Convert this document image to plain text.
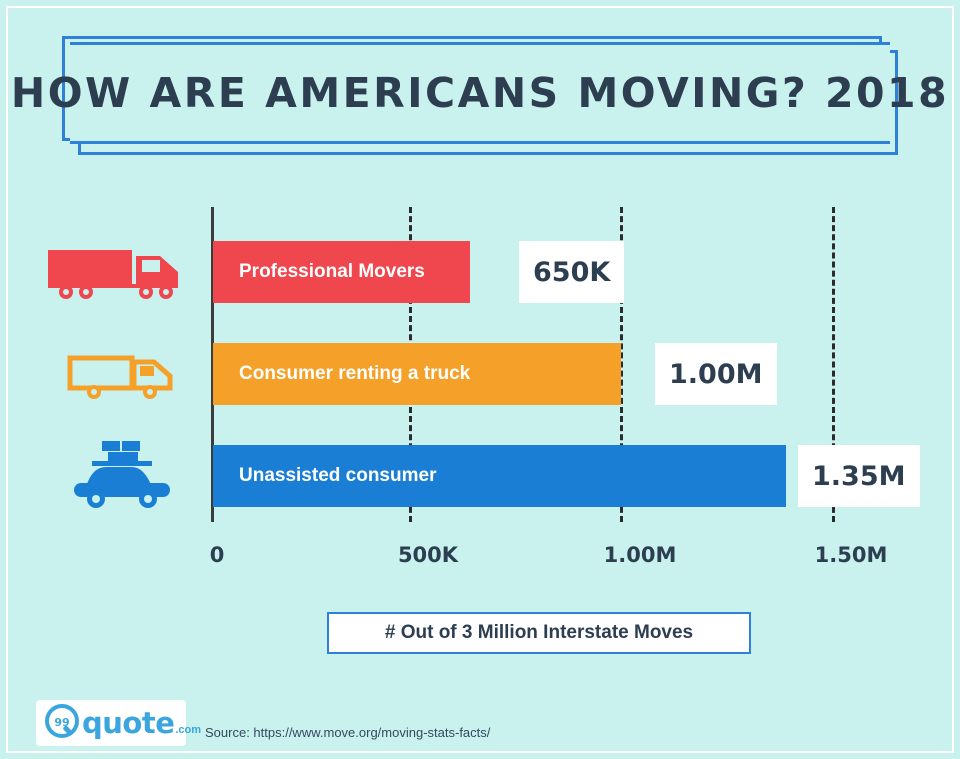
HOW ARE AMERICANS MOVING? 2018
Professional Movers	650K
Consumer renting a truck	1.00M
Unassisted consumer	1.35M
0	500K	1.00M	1.50M
# Out of 3 Million Interstate Moves
99 quote .com Source: https://www.move.org/moving-stats-facts/
